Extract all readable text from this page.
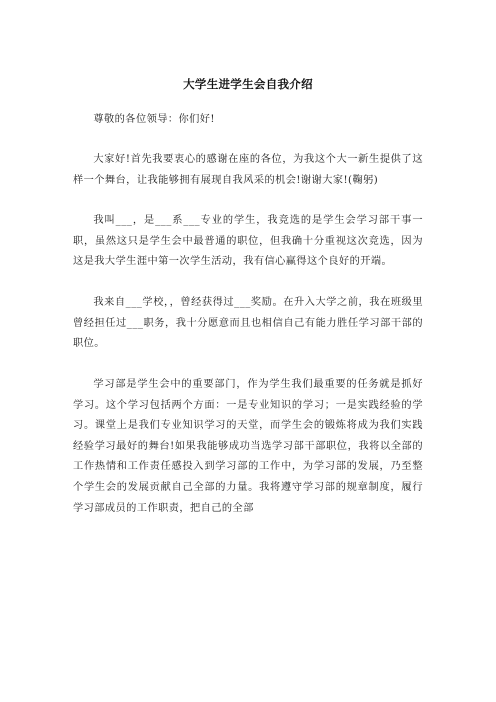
大学生进学生会自我介绍

尊敬的各位领导：你们好!

大家好!首先我要衷心的感谢在座的各位，为我这个大一新生提供了这样一个舞台，让我能够拥有展现自我风采的机会!谢谢大家!(鞠躬)

我叫___，是___系___专业的学生，我竞选的是学生会学习部干事一职，虽然这只是学生会中最普通的职位，但我确十分重视这次竞选，因为这是我大学生涯中第一次学生活动，我有信心赢得这个良好的开端。

我来自___学校，，曾经获得过___奖励。在升入大学之前，我在班级里曾经担任过___职务，我十分愿意而且也相信自己有能力胜任学习部干部的职位。

学习部是学生会中的重要部门，作为学生我们最重要的任务就是抓好学习。这个学习包括两个方面：一是专业知识的学习；一是实践经验的学习。课堂上是我们专业知识学习的天堂，而学生会的锻炼将成为我们实践经验学习最好的舞台!如果我能够成功当选学习部干部职位，我将以全部的工作热情和工作责任感投入到学习部的工作中，为学习部的发展，乃至整个学生会的发展贡献自己全部的力量。我将遵守学习部的规章制度，履行学习部成员的工作职责，把自己的全部
